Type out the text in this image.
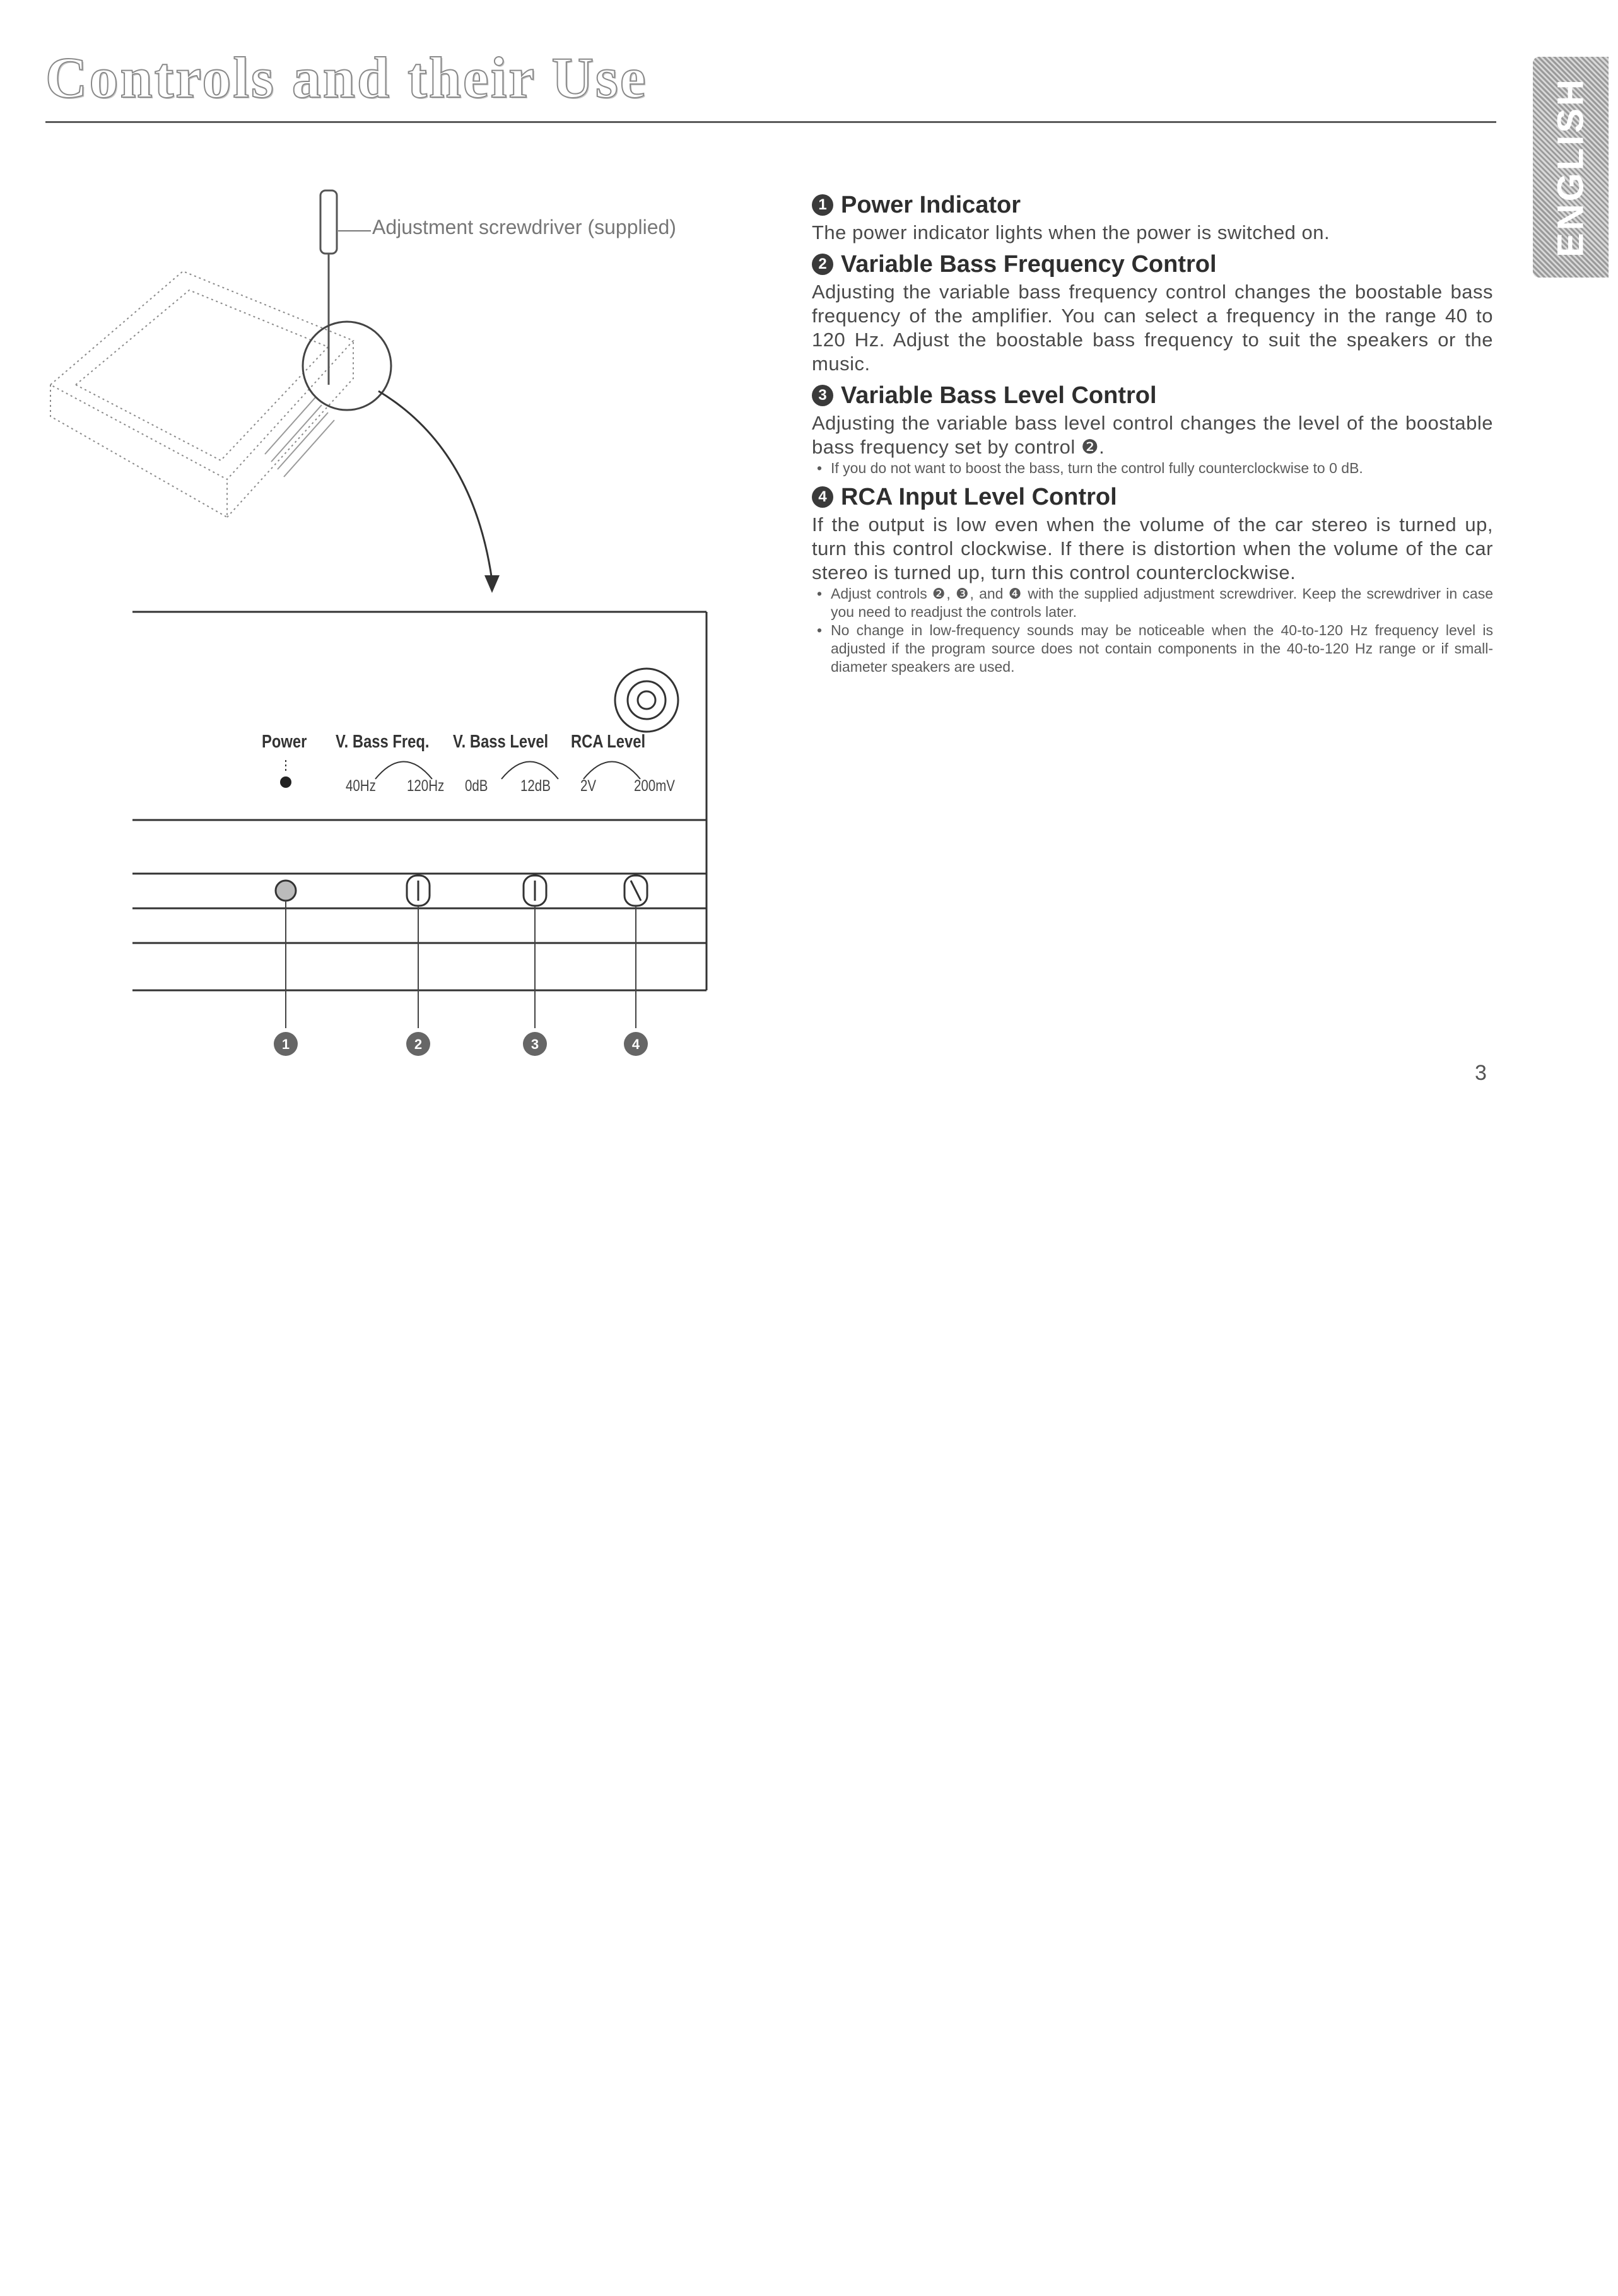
Controls and their Use	ENGLISH
1	2	3	4
Adjustment screwdriver (supplied)
Power V. Bass Freq. V. Bass Level RCA Level
40Hz 120Hz 0dB 12dB 2V 200mV
1 Power Indicator
The power indicator lights when the power is switched on.
2 Variable Bass Frequency Control
Adjusting the variable bass frequency control changes the boostable bass frequency of the amplifier. You can select a frequency in the range 40 to 120 Hz. Adjust the boostable bass frequency to suit the speakers or the music.
3 Variable Bass Level Control
Adjusting the variable bass level control changes the level of the boostable bass frequency set by control ❷.
• If you do not want to boost the bass, turn the control fully counterclockwise to 0 dB.
4 RCA Input Level Control
If the output is low even when the volume of the car stereo is turned up, turn this control clockwise. If there is distortion when the volume of the car stereo is turned up, turn this control counterclockwise.
• Adjust controls ❷, ❸, and ❹ with the supplied adjustment screwdriver. Keep the screwdriver in case you need to readjust the controls later.
• No change in low-frequency sounds may be noticeable when the 40-to-120 Hz frequency level is adjusted if the program source does not contain components in the 40-to-120 Hz range or if small-diameter speakers are used.
3
